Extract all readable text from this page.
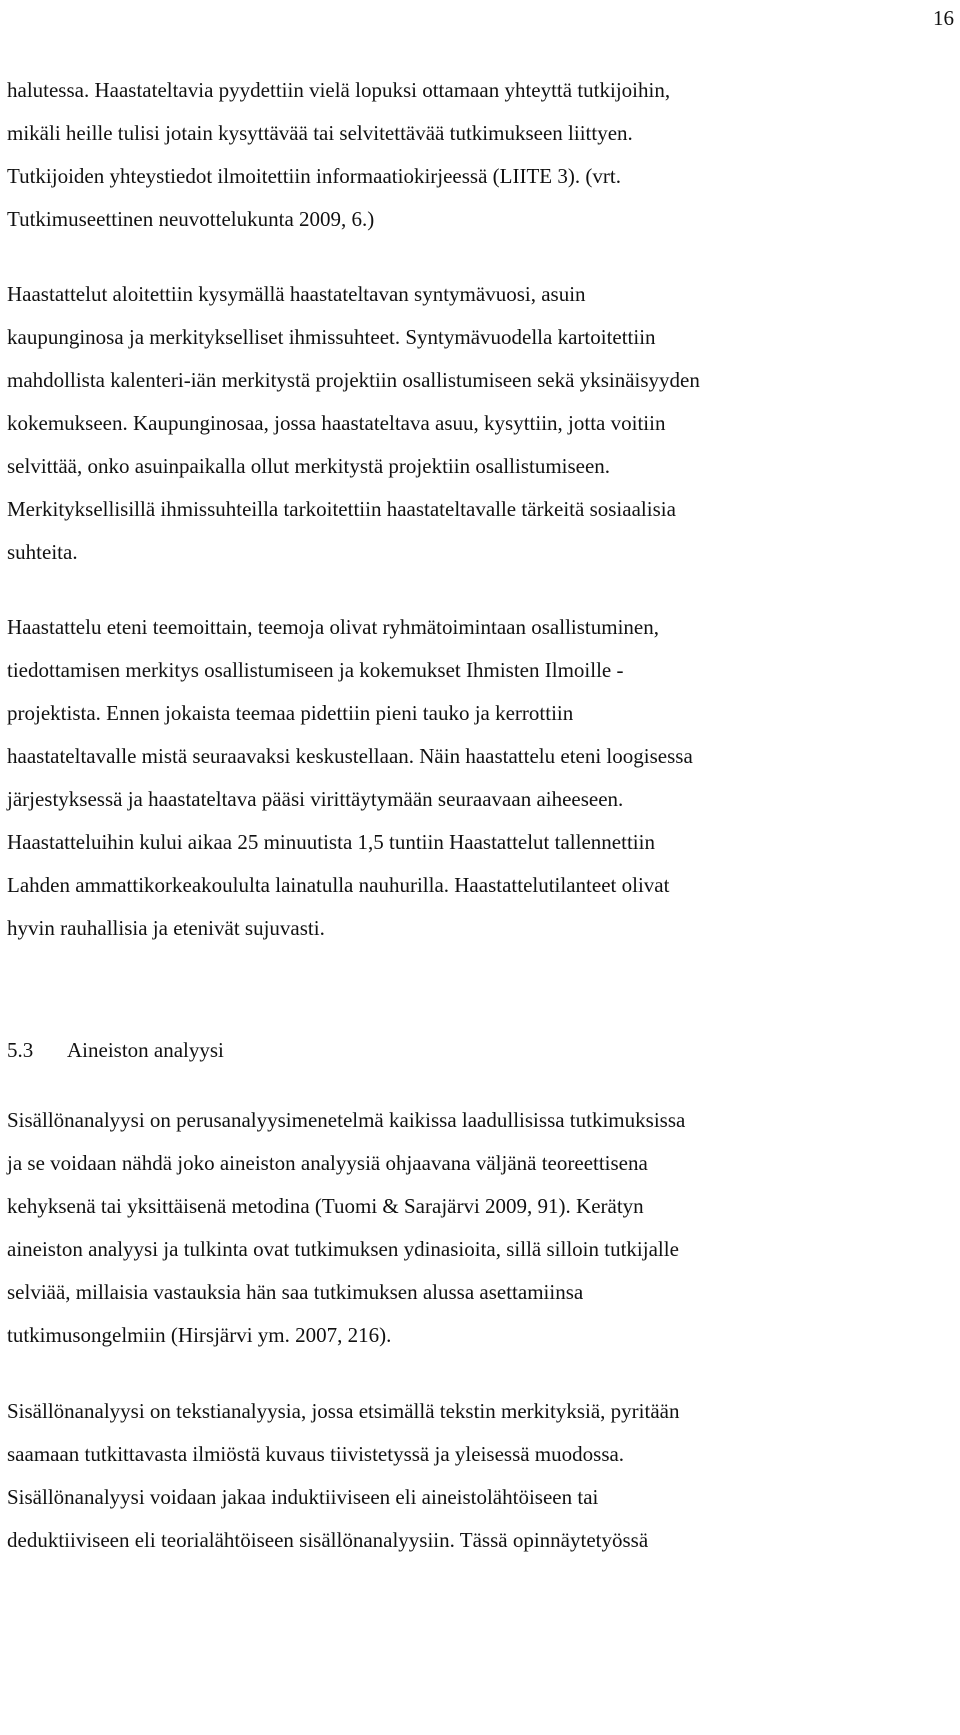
16
halutessa. Haastateltavia pyydettiin vielä lopuksi ottamaan yhteyttä tutkijoihin,
mikäli heille tulisi jotain kysyttävää tai selvitettävää tutkimukseen liittyen.
Tutkijoiden yhteystiedot ilmoitettiin informaatiokirjeessä (LIITE 3). (vrt.
Tutkimuseettinen neuvottelukunta 2009, 6.)
Haastattelut aloitettiin kysymällä haastateltavan syntymävuosi, asuin
kaupunginosa ja merkitykselliset ihmissuhteet. Syntymävuodella kartoitettiin
mahdollista kalenteri-iän merkitystä projektiin osallistumiseen sekä yksinäisyyden
kokemukseen. Kaupunginosaa, jossa haastateltava asuu, kysyttiin, jotta voitiin
selvittää, onko asuinpaikalla ollut merkitystä projektiin osallistumiseen.
Merkityksellisillä ihmissuhteilla tarkoitettiin haastateltavalle tärkeitä sosiaalisia
suhteita.
Haastattelu eteni teemoittain, teemoja olivat ryhmätoimintaan osallistuminen,
tiedottamisen merkitys osallistumiseen ja kokemukset Ihmisten Ilmoille -
projektista. Ennen jokaista teemaa pidettiin pieni tauko ja kerrottiin
haastateltavalle mistä seuraavaksi keskustellaan. Näin haastattelu eteni loogisessa
järjestyksessä ja haastateltava pääsi virittäytymään seuraavaan aiheeseen.
Haastatteluihin kului aikaa 25 minuutista 1,5 tuntiin Haastattelut tallennettiin
Lahden ammattikorkeakoululta lainatulla nauhurilla. Haastattelutilanteet olivat
hyvin rauhallisia ja etenivät sujuvasti.
5.3 Aineiston analyysi
Sisällönanalyysi on perusanalyysimenetelmä kaikissa laadullisissa tutkimuksissa
ja se voidaan nähdä joko aineiston analyysiä ohjaavana väljänä teoreettisena
kehyksenä tai yksittäisenä metodina (Tuomi & Sarajärvi 2009, 91). Kerätyn
aineiston analyysi ja tulkinta ovat tutkimuksen ydinasioita, sillä silloin tutkijalle
selviää, millaisia vastauksia hän saa tutkimuksen alussa asettamiinsa
tutkimusongelmiin (Hirsjärvi ym. 2007, 216).
Sisällönanalyysi on tekstianalyysia, jossa etsimällä tekstin merkityksiä, pyritään
saamaan tutkittavasta ilmiöstä kuvaus tiivistetyssä ja yleisessä muodossa.
Sisällönanalyysi voidaan jakaa induktiiviseen eli aineistolähtöiseen tai
deduktiiviseen eli teorialähtöiseen sisällönanalyysiin. Tässä opinnäytetyössä
